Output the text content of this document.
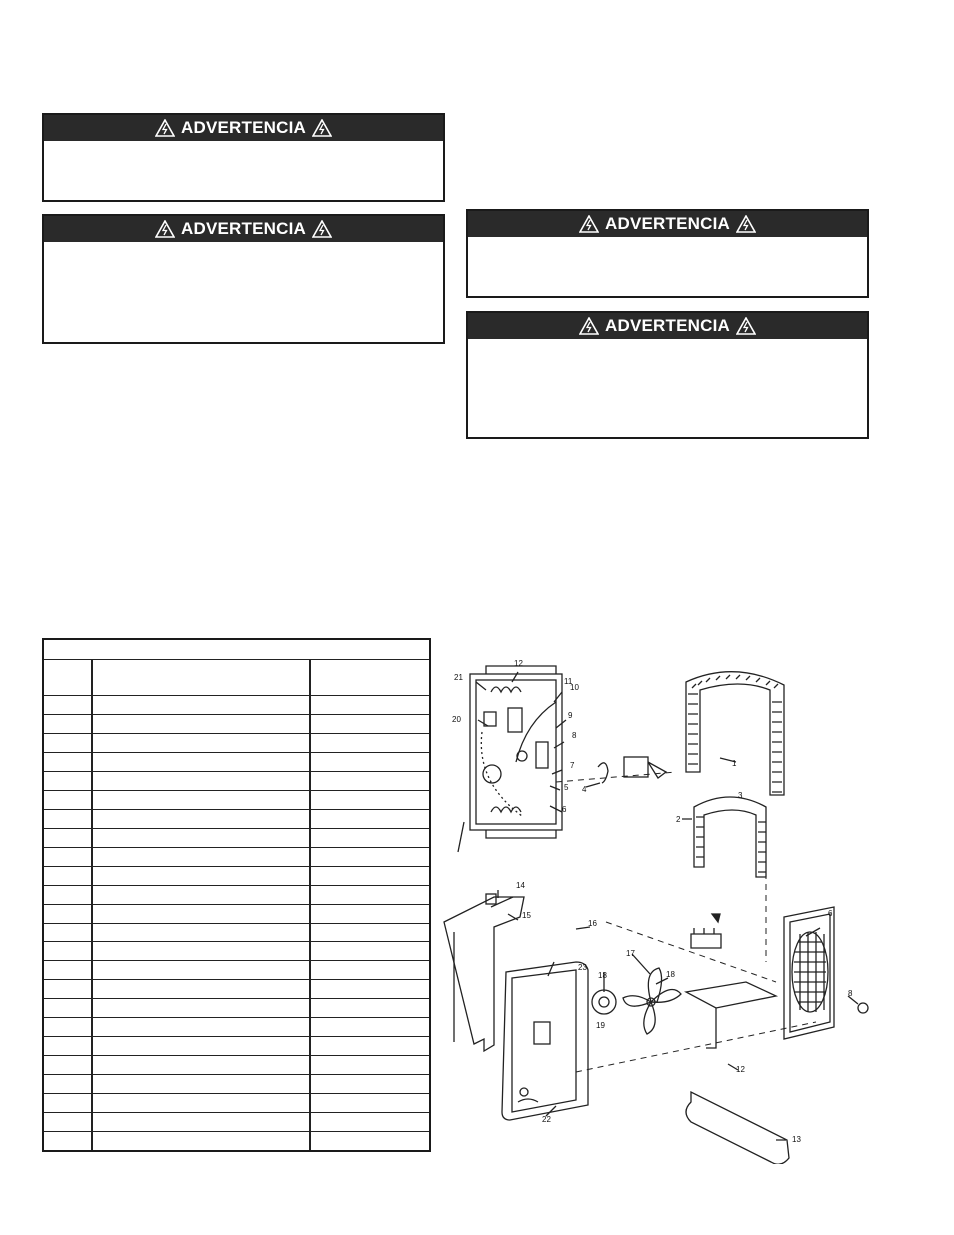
ADVERTENCIA
ADVERTENCIA	ADVERTENCIA
ADVERTENCIA
1
2
3
4
5
6
7
8
9
10
11
12
13
14
15
16
17
18
19
20
21
22
23
6
8
12
18
